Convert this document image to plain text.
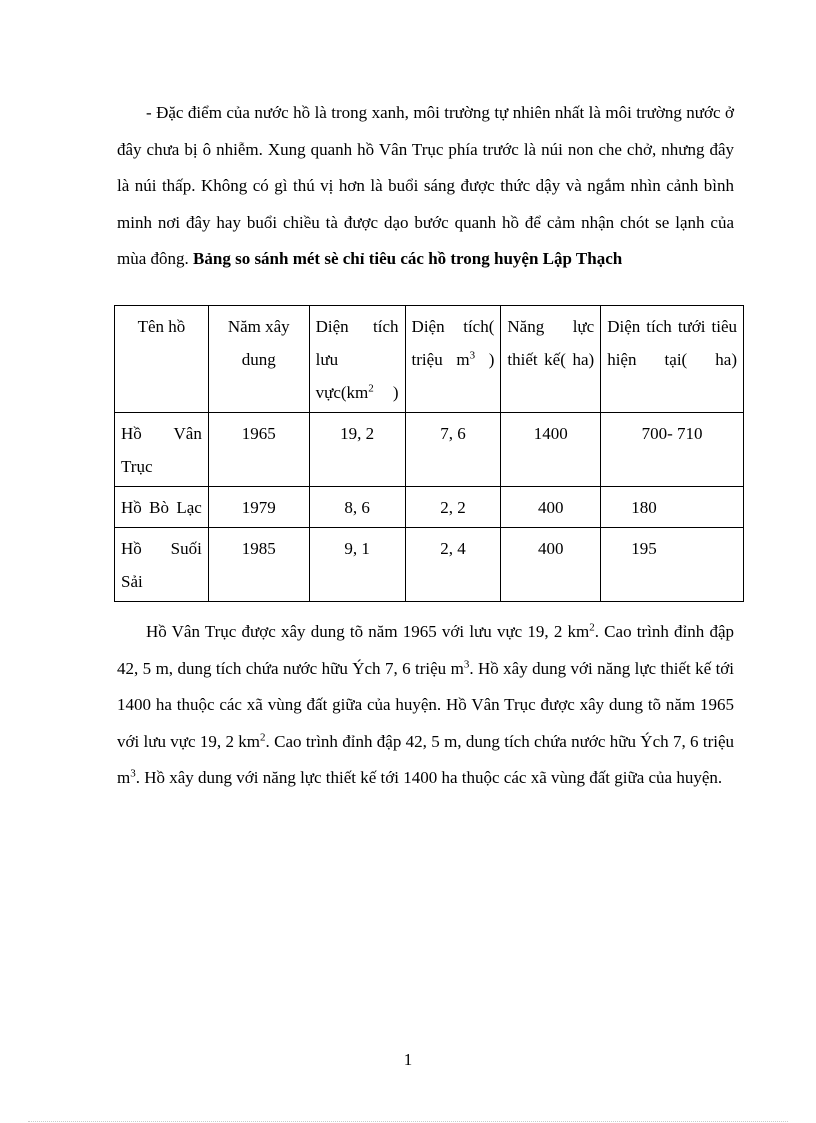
- Đặc điểm của nước hồ là trong xanh, môi trường tự nhiên nhất là môi trường nước ở đây chưa bị ô nhiễm. Xung quanh hồ Vân Trục phía trước là núi non che chở, nhưng đây là núi thấp. Không có gì thú vị hơn là buổi sáng được thức dậy và ngắm nhìn cảnh bình minh nơi đây hay buổi chiều tà được dạo bước quanh hồ để cảm nhận chót se lạnh của mùa đông. Bảng so sánh mét sè chỉ tiêu các hồ trong huyện Lập Thạch

Tên hồ	Năm xây dung	Diện tích lưu $vực(km^2$ )	Diện tích( triệu $m^3$ )	Năng lực thiết kế( ha)	Diện tích tưới tiêu hiện tại( ha)
Hồ Vân Trục	1965	19, 2	7, 6	1400	700- 710
Hồ Bò Lạc	1979	8, 6	2, 2	400	180
Hồ Suối Sải	1985	9, 1	2, 4	400	195

Hồ Vân Trục được xây dung tõ năm 1965 với lưu vực 19, 2 $km^2$. Cao trình đỉnh đập 42, 5 m, dung tích chứa nước hữu Ých 7, 6 triệu $m^3$. Hồ xây dung với năng lực thiết kế tới 1400 ha thuộc các xã vùng đất giữa của huyện. Hồ Vân Trục được xây dung tõ năm 1965 với lưu vực 19, 2 $km^2$. Cao trình đỉnh đập 42, 5 m, dung tích chứa nước hữu Ých 7, 6 triệu $m^3$. Hồ xây dung với năng lực thiết kế tới 1400 ha thuộc các xã vùng đất giữa của huyện.

1
